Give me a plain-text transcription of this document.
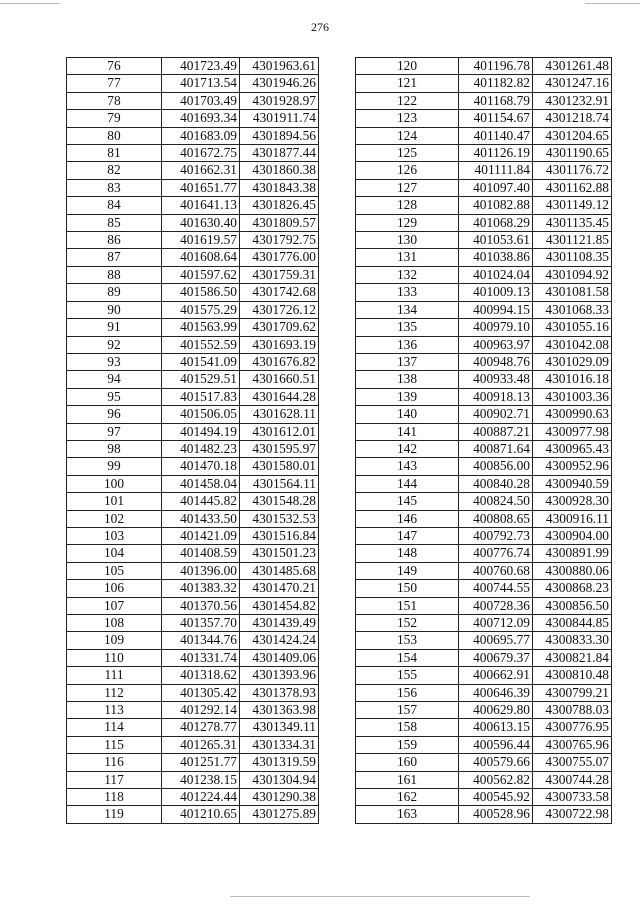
276
76	401723.49	4301963.61
77	401713.54	4301946.26
78	401703.49	4301928.97
79	401693.34	4301911.74
80	401683.09	4301894.56
81	401672.75	4301877.44
82	401662.31	4301860.38
83	401651.77	4301843.38
84	401641.13	4301826.45
85	401630.40	4301809.57
86	401619.57	4301792.75
87	401608.64	4301776.00
88	401597.62	4301759.31
89	401586.50	4301742.68
90	401575.29	4301726.12
91	401563.99	4301709.62
92	401552.59	4301693.19
93	401541.09	4301676.82
94	401529.51	4301660.51
95	401517.83	4301644.28
96	401506.05	4301628.11
97	401494.19	4301612.01
98	401482.23	4301595.97
99	401470.18	4301580.01
100	401458.04	4301564.11
101	401445.82	4301548.28
102	401433.50	4301532.53
103	401421.09	4301516.84
104	401408.59	4301501.23
105	401396.00	4301485.68
106	401383.32	4301470.21
107	401370.56	4301454.82
108	401357.70	4301439.49
109	401344.76	4301424.24
110	401331.74	4301409.06
111	401318.62	4301393.96
112	401305.42	4301378.93
113	401292.14	4301363.98
114	401278.77	4301349.11
115	401265.31	4301334.31
116	401251.77	4301319.59
117	401238.15	4301304.94
118	401224.44	4301290.38
119	401210.65	4301275.89
120	401196.78	4301261.48
121	401182.82	4301247.16
122	401168.79	4301232.91
123	401154.67	4301218.74
124	401140.47	4301204.65
125	401126.19	4301190.65
126	401111.84	4301176.72
127	401097.40	4301162.88
128	401082.88	4301149.12
129	401068.29	4301135.45
130	401053.61	4301121.85
131	401038.86	4301108.35
132	401024.04	4301094.92
133	401009.13	4301081.58
134	400994.15	4301068.33
135	400979.10	4301055.16
136	400963.97	4301042.08
137	400948.76	4301029.09
138	400933.48	4301016.18
139	400918.13	4301003.36
140	400902.71	4300990.63
141	400887.21	4300977.98
142	400871.64	4300965.43
143	400856.00	4300952.96
144	400840.28	4300940.59
145	400824.50	4300928.30
146	400808.65	4300916.11
147	400792.73	4300904.00
148	400776.74	4300891.99
149	400760.68	4300880.06
150	400744.55	4300868.23
151	400728.36	4300856.50
152	400712.09	4300844.85
153	400695.77	4300833.30
154	400679.37	4300821.84
155	400662.91	4300810.48
156	400646.39	4300799.21
157	400629.80	4300788.03
158	400613.15	4300776.95
159	400596.44	4300765.96
160	400579.66	4300755.07
161	400562.82	4300744.28
162	400545.92	4300733.58
163	400528.96	4300722.98
